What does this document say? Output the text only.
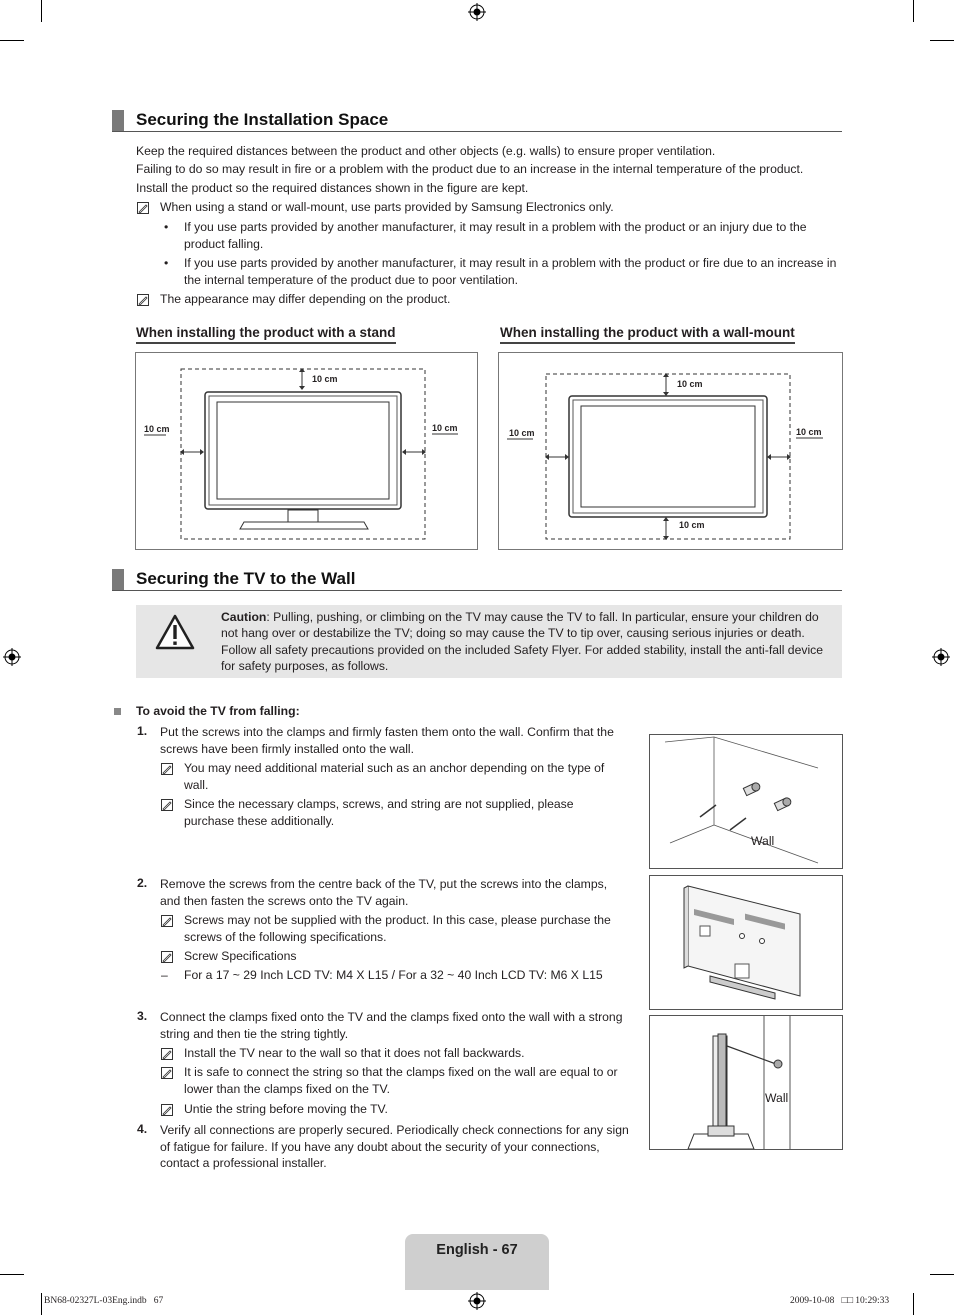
Securing the Installation Space
Keep the required distances between the product and other objects (e.g. walls) to ensure proper ventilation.
Failing to do so may result in fire or a problem with the product due to an increase in the internal temperature of the product.
Install the product so the required distances shown in the figure are kept.
When using a stand or wall-mount, use parts provided by Samsung Electronics only.
• If you use parts provided by another manufacturer, it may result in a problem with the product or an injury due to the product falling.
• If you use parts provided by another manufacturer, it may result in a problem with the product or fire due to an increase in the internal temperature of the product due to poor ventilation.
The appearance may differ depending on the product.
When installing the product with a stand	When installing the product with a wall-mount
10 cm
10 cm	10 cm
10 cm
10 cm
10 cm	10 cm
Securing the TV to the Wall
Caution: Pulling, pushing, or climbing on the TV may cause the TV to fall. In particular, ensure your children do not hang over or destabilize the TV; doing so may cause the TV to tip over, causing serious injuries or death. Follow all safety precautions provided on the included Safety Flyer. For added stability, install the anti-fall device for safety purposes, as follows.
To avoid the TV from falling:
1. Put the screws into the clamps and firmly fasten them onto the wall. Confirm that the screws have been firmly installed onto the wall.
You may need additional material such as an anchor depending on the type of wall.
Since the necessary clamps, screws, and string are not supplied, please purchase these additionally.
2. Remove the screws from the centre back of the TV, put the screws into the clamps, and then fasten the screws onto the TV again.
Screws may not be supplied with the product. In this case, please purchase the screws of the following specifications.
Screw Specifications
– For a 17 ~ 29 Inch LCD TV: M4 X L15 / For a 32 ~ 40 Inch LCD TV: M6 X L15
3. Connect the clamps fixed onto the TV and the clamps fixed onto the wall with a strong string and then tie the string tightly.
Install the TV near to the wall so that it does not fall backwards.
It is safe to connect the string so that the clamps fixed on the wall are equal to or lower than the clamps fixed on the TV.
Untie the string before moving the TV.
4. Verify all connections are properly secured. Periodically check connections for any sign of fatigue for failure. If you have any doubt about the security of your connections, contact a professional installer.
Wall
Wall
English - 67
BN68-02327L-03Eng.indb   67	2009-10-08   □□ 10:29:33
